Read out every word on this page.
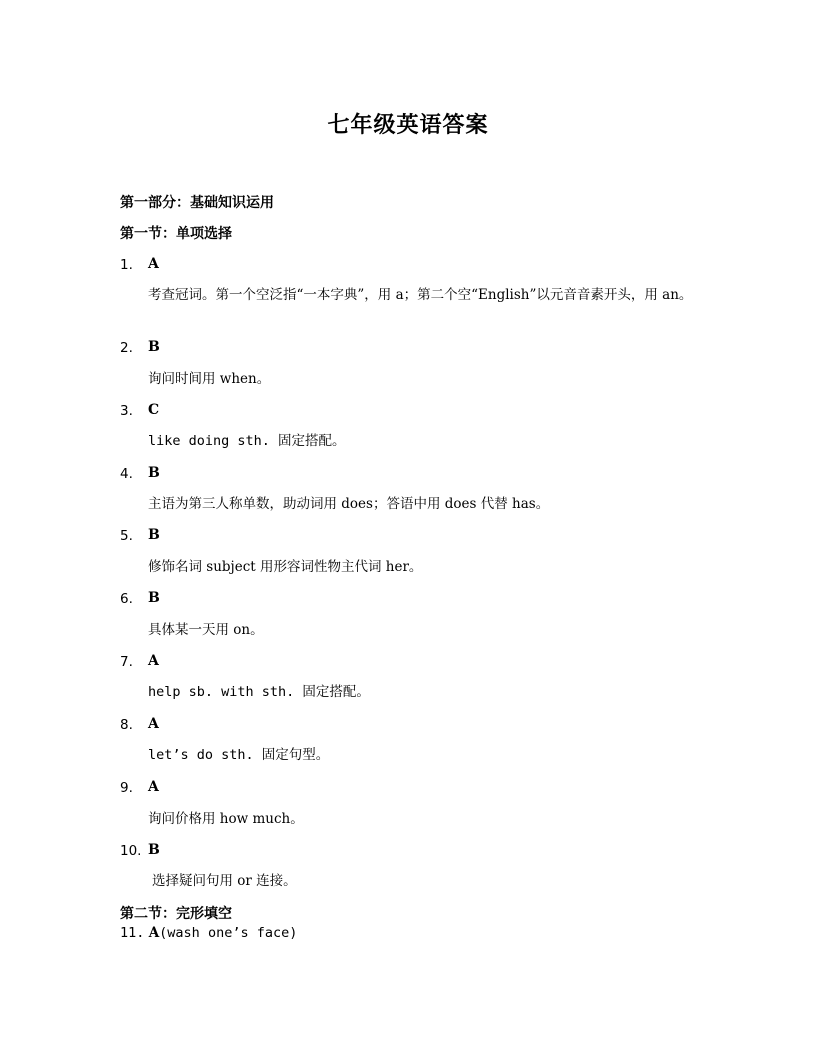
七年级英语答案
第一部分：基础知识运用
第一节：单项选择
1. A
考查冠词。第一个空泛指“一本字典”，用 a；第二个空“English”以元音音素开头，用 an。
2. B
询问时间用 when。
3. C
like doing sth. 固定搭配。
4. B
主语为第三人称单数，助动词用 does；答语中用 does 代替 has。
5. B
修饰名词 subject 用形容词性物主代词 her。
6. B
具体某一天用 on。
7. A
help sb. with sth. 固定搭配。
8. A
let’s do sth. 固定句型。
9. A
询问价格用 how much。
10. B
选择疑问句用 or 连接。
第二节：完形填空
11. A(wash one’s face)
